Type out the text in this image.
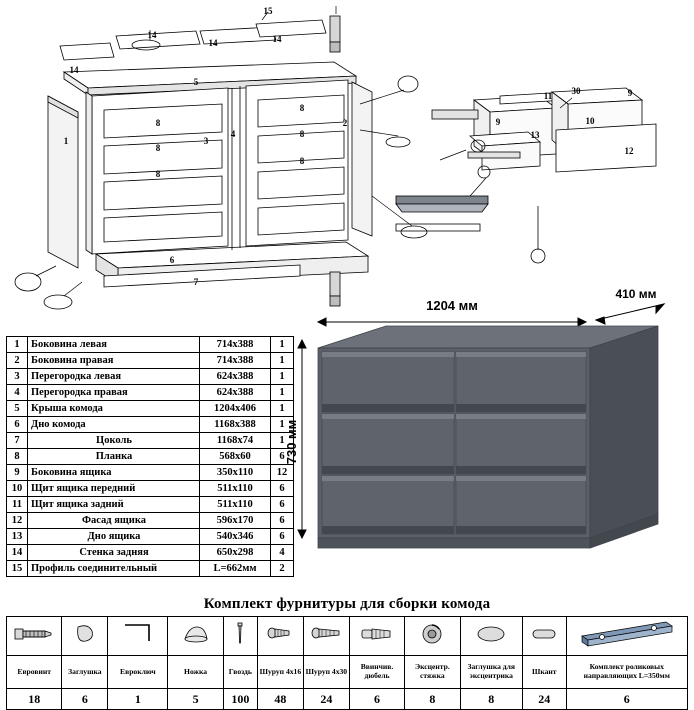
15
14
14	14
14
5
1
8
8
8
8
8
8
3
4
2
6
7
9
13
11 30
10
12
9
1	Боковина левая	714х388	1
2	Боковина правая	714х388	1
3	Перегородка левая	624х388	1
4	Перегородка правая	624х388	1
5	Крыша комода	1204х406	1
6	Дно комода	1168х388	1
7	Цоколь	1168х74	1
8	Планка	568х60	6
9	Боковина ящика	350х110	12
10	Щит ящика передний	511х110	6
11	Щит ящика задний	511х110	6
12	Фасад ящика	596х170	6
13	Дно ящика	540х346	6
14	Стенка задняя	650х298	4
15	Профиль соединительный	L=662мм	2
1204 мм
410 мм
730 мм
Комплект фурнитуры для сборки комода

Евровинт	Заглушка	Евроключ	Ножка	Гвоздь	Шуруп 4х16	Шуруп 4х30	Ввинчив. дюбель	Эксцентр. стяжка	Заглушка для эксцентрика	Шкант	Комплект роликовых направляющих L=350мм
18	6	1	5	100	48	24	6	8	8	24	6
